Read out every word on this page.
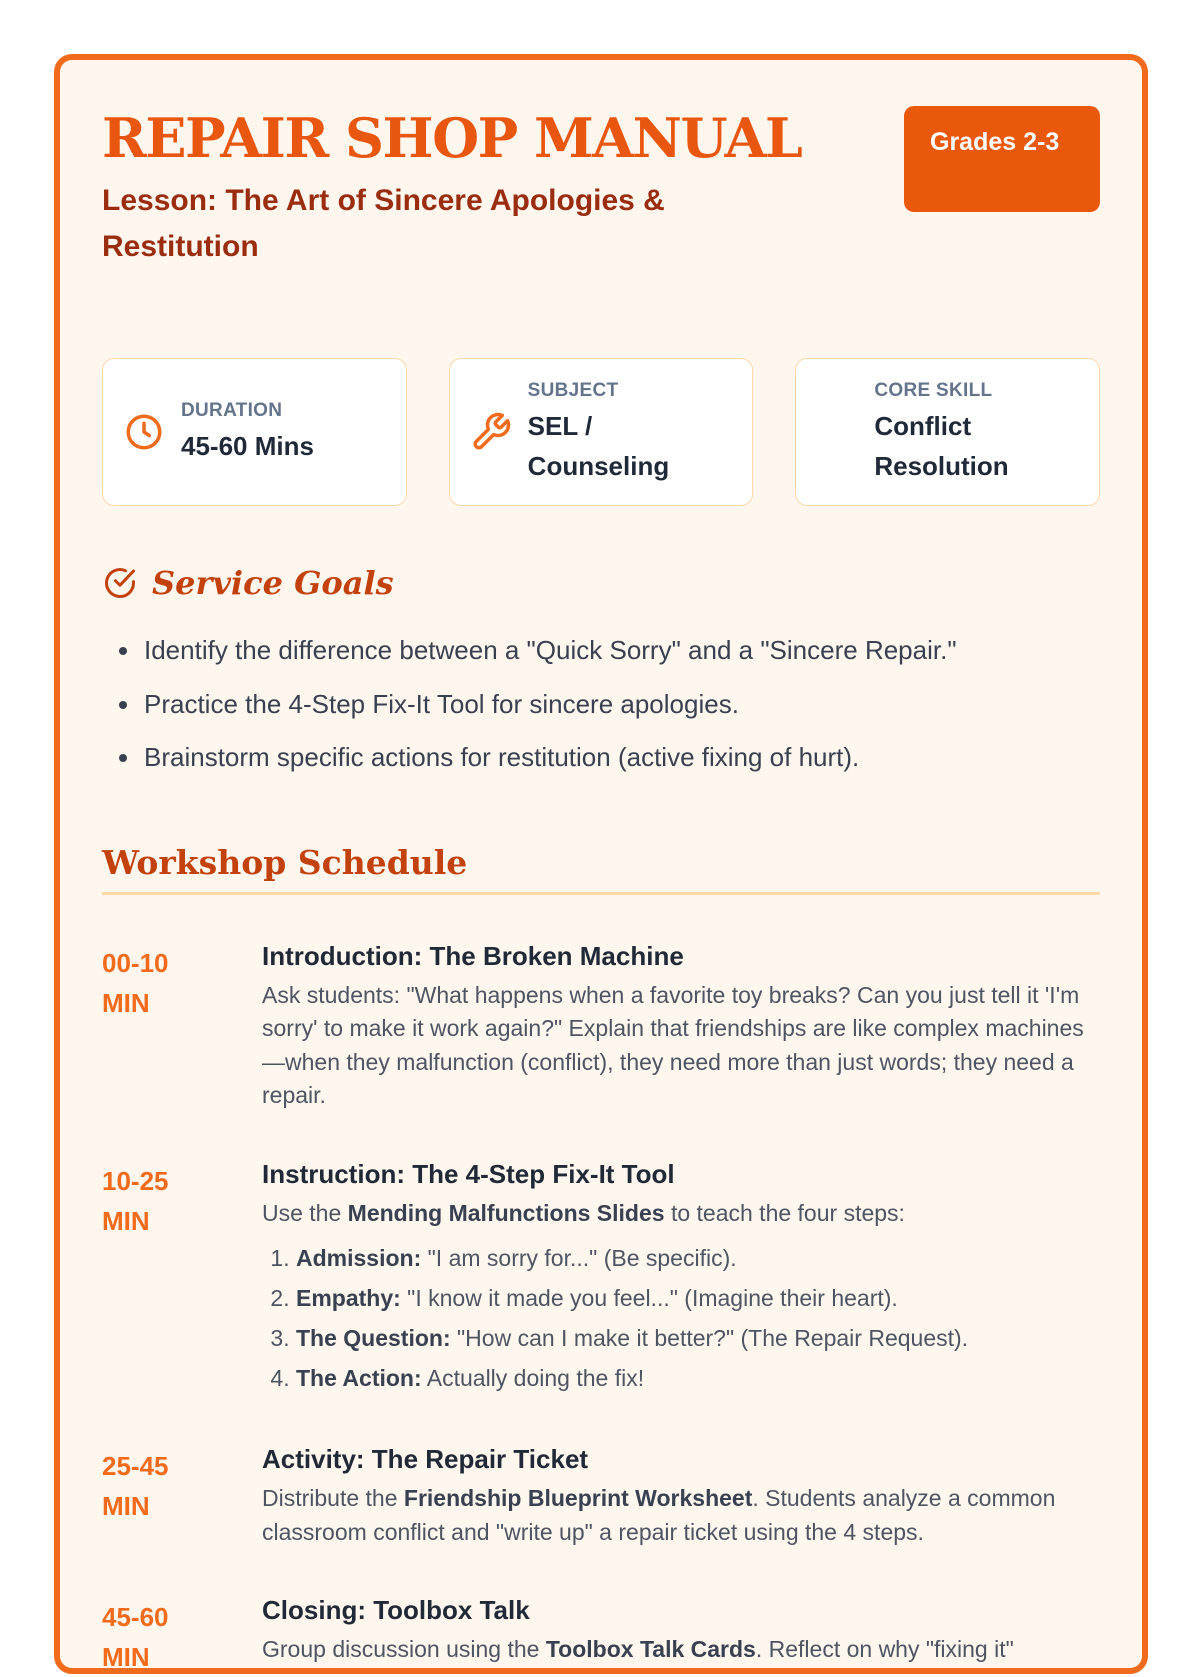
REPAIR SHOP MANUAL
Lesson: The Art of Sincere Apologies & Restitution
Grades 2-3
DURATION
45-60 Mins
SUBJECT
SEL / Counseling
CORE SKILL
Conflict Resolution
Service Goals
• Identify the difference between a "Quick Sorry" and a "Sincere Repair."
• Practice the 4-Step Fix-It Tool for sincere apologies.
• Brainstorm specific actions for restitution (active fixing of hurt).
Workshop Schedule
00-10
MIN
Introduction: The Broken Machine

Ask students: "What happens when a favorite toy breaks? Can you just tell it 'I'm sorry' to make it work again?" Explain that friendships are like complex machines—when they malfunction (conflict), they need more than just words; they need a repair.

10-25
MIN
Instruction: The 4-Step Fix-It Tool

Use the Mending Malfunctions Slides to teach the four steps:

1. Admission: "I am sorry for..." (Be specific).
2. Empathy: "I know it made you feel..." (Imagine their heart).
3. The Question: "How can I make it better?" (The Repair Request).
4. The Action: Actually doing the fix!
25-45
MIN
Activity: The Repair Ticket

Distribute the Friendship Blueprint Worksheet. Students analyze a common classroom conflict and "write up" a repair ticket using the 4 steps.

45-60
MIN
Closing: Toolbox Talk

Group discussion using the Toolbox Talk Cards. Reflect on why "fixing it"
